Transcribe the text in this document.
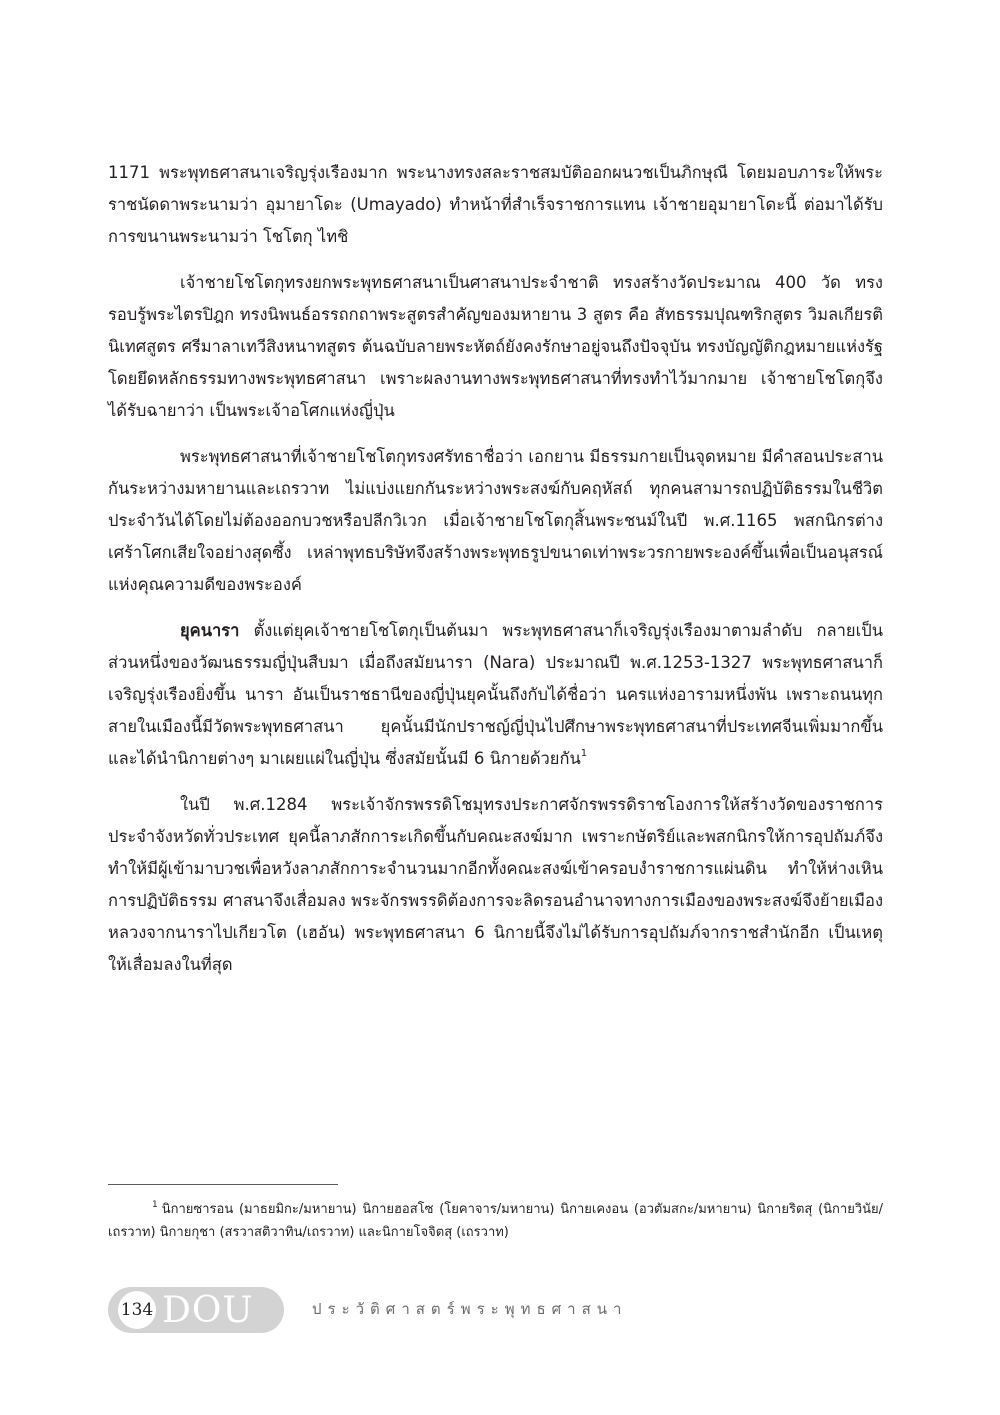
1171 พระพุทธศาสนาเจริญรุ่งเรืองมาก พระนางทรงสละราชสมบัติออกผนวชเป็นภิกษุณี โดยมอบภาระให้พระราชนัดดาพระนามว่า อุมายาโดะ (Umayado) ทำหน้าที่สำเร็จราชการแทน เจ้าชายอุมายาโดะนี้ ต่อมาได้รับการขนานพระนามว่า โชโตกุ ไทชิ

เจ้าชายโชโตกุทรงยกพระพุทธศาสนาเป็นศาสนาประจำชาติ ทรงสร้างวัดประมาณ 400 วัด ทรงรอบรู้พระไตรปิฎก ทรงนิพนธ์อรรถกถาพระสูตรสำคัญของมหายาน 3 สูตร คือ สัทธรรมปุณฑริกสูตร วิมลเกียรตินิเทศสูตร ศรีมาลาเทวีสิงหนาทสูตร ต้นฉบับลายพระหัตถ์ยังคงรักษาอยู่จนถึงปัจจุบัน ทรงบัญญัติกฎหมายแห่งรัฐโดยยึดหลักธรรมทางพระพุทธศาสนา เพราะผลงานทางพระพุทธศาสนาที่ทรงทำไว้มากมาย เจ้าชายโชโตกุจึงได้รับฉายาว่า เป็นพระเจ้าอโศกแห่งญี่ปุ่น

พระพุทธศาสนาที่เจ้าชายโชโตกุทรงศรัทธาชื่อว่า เอกยาน มีธรรมกายเป็นจุดหมาย มีคำสอนประสานกันระหว่างมหายานและเถรวาท ไม่แบ่งแยกกันระหว่างพระสงฆ์กับคฤหัสถ์ ทุกคนสามารถปฏิบัติธรรมในชีวิตประจำวันได้โดยไม่ต้องออกบวชหรือปลีกวิเวก เมื่อเจ้าชายโชโตกุสิ้นพระชนม์ในปี พ.ศ.1165 พสกนิกรต่างเศร้าโศกเสียใจอย่างสุดซึ้ง เหล่าพุทธบริษัทจึงสร้างพระพุทธรูปขนาดเท่าพระวรกายพระองค์ขึ้นเพื่อเป็นอนุสรณ์แห่งคุณความดีของพระองค์

ยุคนารา ตั้งแต่ยุคเจ้าชายโชโตกุเป็นต้นมา พระพุทธศาสนาก็เจริญรุ่งเรืองมาตามลำดับ กลายเป็นส่วนหนึ่งของวัฒนธรรมญี่ปุ่นสืบมา เมื่อถึงสมัยนารา (Nara) ประมาณปี พ.ศ.1253-1327 พระพุทธศาสนาก็เจริญรุ่งเรืองยิ่งขึ้น นารา อันเป็นราชธานีของญี่ปุ่นยุคนั้นถึงกับได้ชื่อว่า นครแห่งอารามหนึ่งพัน เพราะถนนทุกสายในเมืองนี้มีวัดพระพุทธศาสนา ยุคนั้นมีนักปราชญ์ญี่ปุ่นไปศึกษาพระพุทธศาสนาที่ประเทศจีนเพิ่มมากขึ้น และได้นำนิกายต่างๆ มาเผยแผ่ในญี่ปุ่น ซึ่งสมัยนั้นมี 6 นิกายด้วยกัน$^1$

ในปี พ.ศ.1284 พระเจ้าจักรพรรดิโชมุทรงประกาศจักรพรรดิราชโองการให้สร้างวัดของราชการประจำจังหวัดทั่วประเทศ ยุคนี้ลาภสักการะเกิดขึ้นกับคณะสงฆ์มาก เพราะกษัตริย์และพสกนิกรให้การอุปถัมภ์จึงทำให้มีผู้เข้ามาบวชเพื่อหวังลาภสักการะจำนวนมากอีกทั้งคณะสงฆ์เข้าครอบงำราชการแผ่นดิน ทำให้ห่างเหินการปฏิบัติธรรม ศาสนาจึงเสื่อมลง พระจักรพรรดิต้องการจะลิดรอนอำนาจทางการเมืองของพระสงฆ์จึงย้ายเมืองหลวงจากนาราไปเกียวโต (เฮอัน) พระพุทธศาสนา 6 นิกายนี้จึงไม่ได้รับการอุปถัมภ์จากราชสำนักอีก เป็นเหตุให้เสื่อมลงในที่สุด

$^1$ นิกายซารอน (มาธยมิกะ/มหายาน) นิกายฮอสโซ (โยคาจาร/มหายาน) นิกายเคงอน (อวตัมสกะ/มหายาน) นิกายริตสุ (นิกายวินัย/เถรวาท) นิกายกุชา (สรวาสติวาทิน/เถรวาท) และนิกายโจจิตสุ (เถรวาท)

134 DOU	ประวัติศาสตร์พระพุทธศาสนา
